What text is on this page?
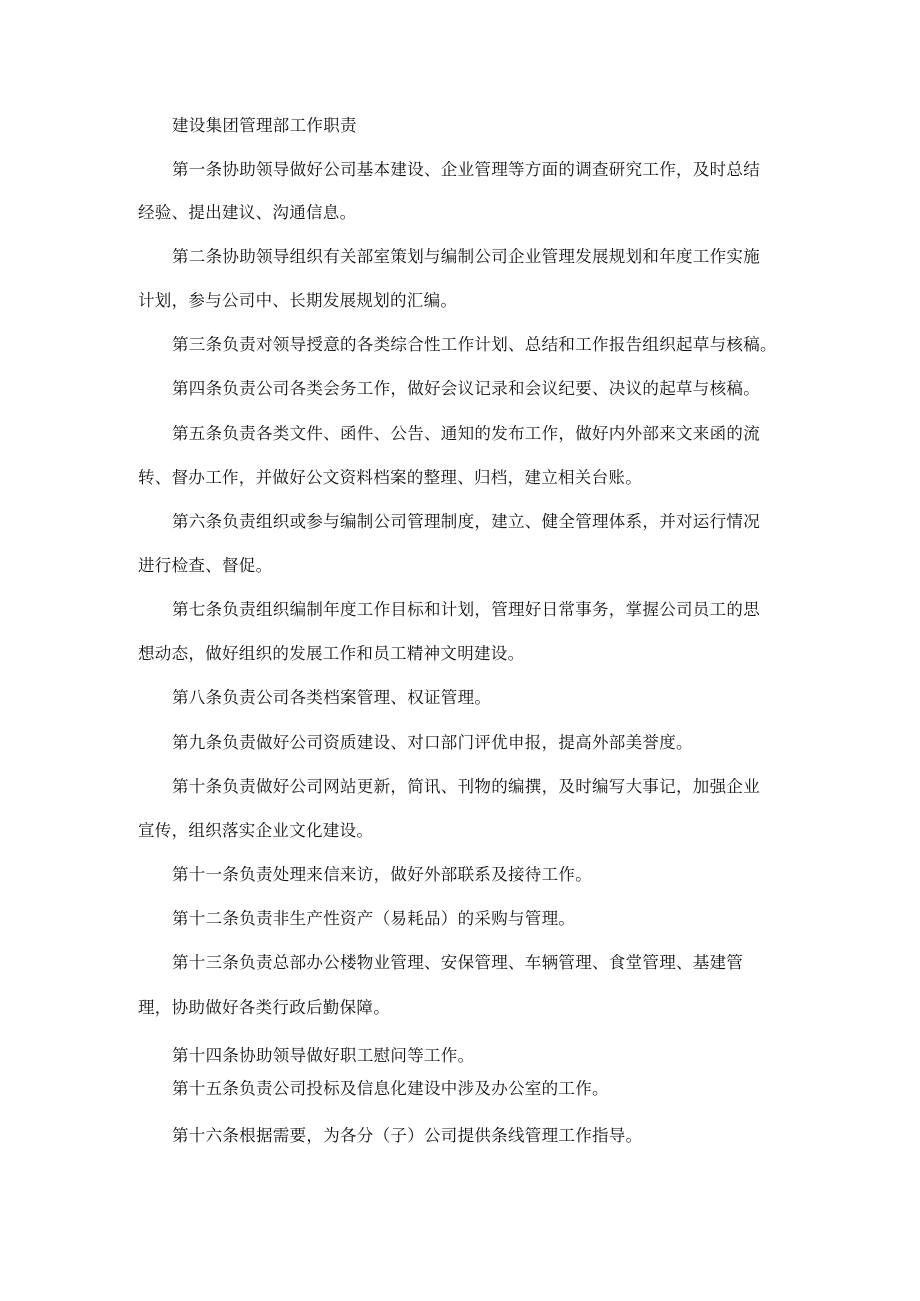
建设集团管理部工作职责
第一条协助领导做好公司基本建设、企业管理等方面的调查研究工作，及时总结
经验、提出建议、沟通信息。
第二条协助领导组织有关部室策划与编制公司企业管理发展规划和年度工作实施
计划，参与公司中、长期发展规划的汇编。
第三条负责对领导授意的各类综合性工作计划、总结和工作报告组织起草与核稿。
第四条负责公司各类会务工作，做好会议记录和会议纪要、决议的起草与核稿。
第五条负责各类文件、函件、公告、通知的发布工作，做好内外部来文来函的流
转、督办工作，并做好公文资料档案的整理、归档，建立相关台账。
第六条负责组织或参与编制公司管理制度，建立、健全管理体系，并对运行情况
进行检查、督促。
第七条负责组织编制年度工作目标和计划，管理好日常事务，掌握公司员工的思
想动态，做好组织的发展工作和员工精神文明建设。
第八条负责公司各类档案管理、权证管理。
第九条负责做好公司资质建设、对口部门评优申报，提高外部美誉度。
第十条负责做好公司网站更新，简讯、刊物的编撰，及时编写大事记，加强企业
宣传，组织落实企业文化建设。
第十一条负责处理来信来访，做好外部联系及接待工作。
第十二条负责非生产性资产（易耗品）的采购与管理。
第十三条负责总部办公楼物业管理、安保管理、车辆管理、食堂管理、基建管
理，协助做好各类行政后勤保障。
第十四条协助领导做好职工慰问等工作。
第十五条负责公司投标及信息化建设中涉及办公室的工作。
第十六条根据需要，为各分（子）公司提供条线管理工作指导。
